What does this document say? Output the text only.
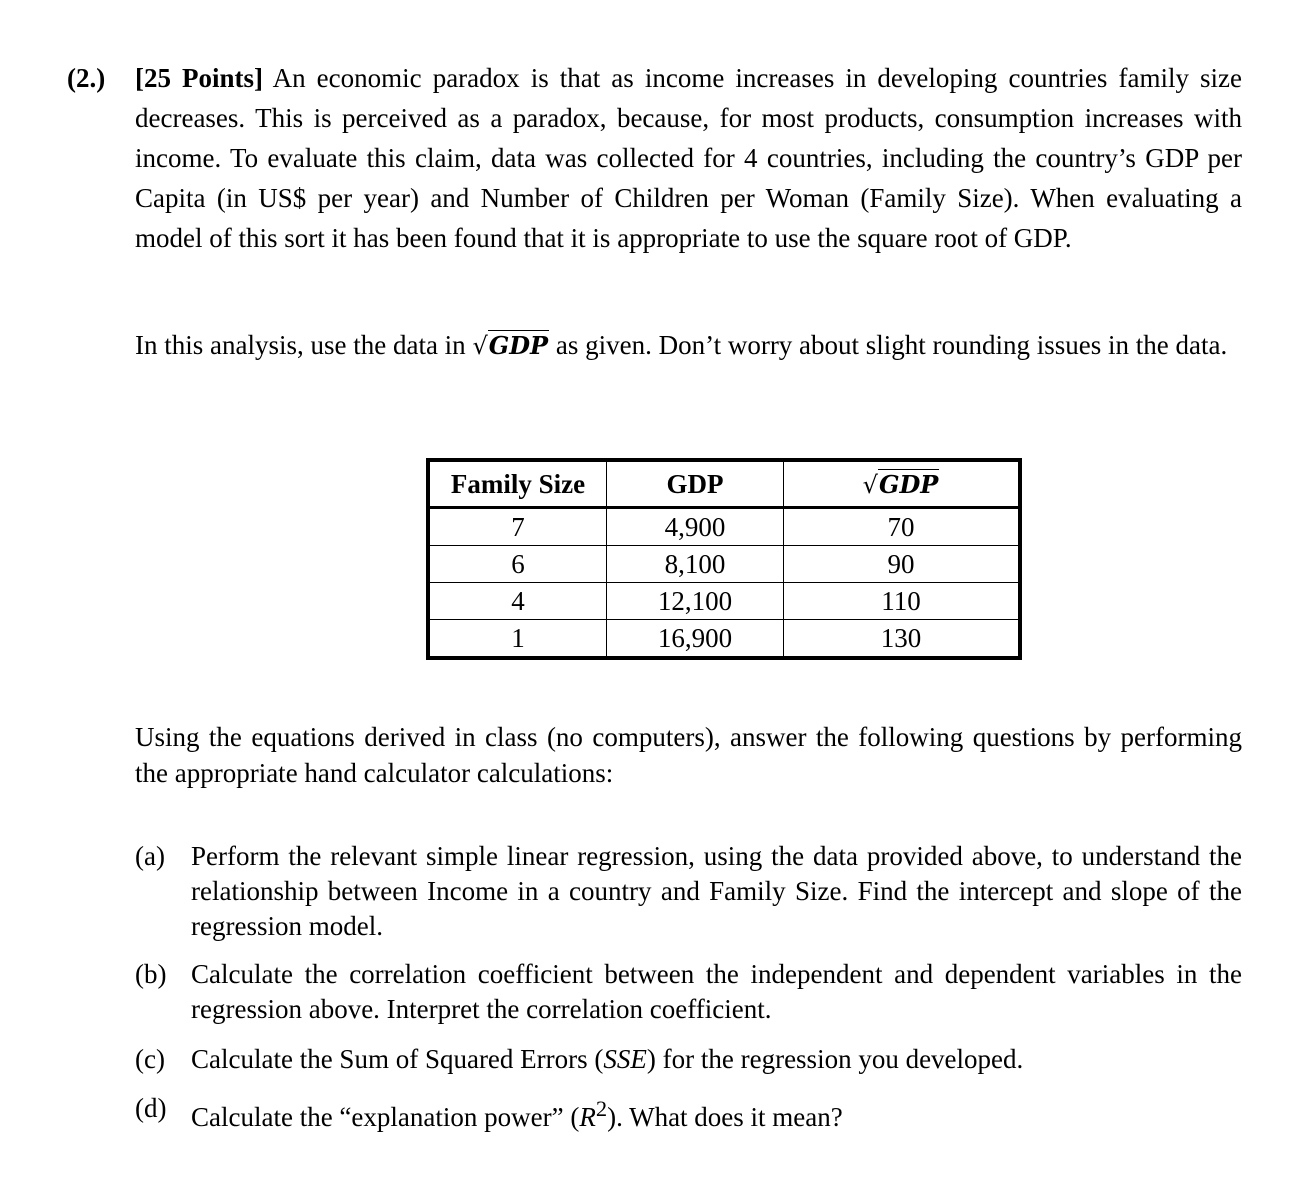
(2.) [25 Points] An economic paradox is that as income increases in developing countries family size decreases. This is perceived as a paradox, because, for most products, consumption increases with income. To evaluate this claim, data was collected for 4 countries, including the country’s GDP per Capita (in US$ per year) and Number of Children per Woman (Family Size). When evaluating a model of this sort it has been found that it is appropriate to use the square root of GDP.
In this analysis, use the data in √GDP as given. Don’t worry about slight rounding issues in the data.
Family Size	GDP	√GDP
7	4,900	70
6	8,100	90
4	12,100	110
1	16,900	130
Using the equations derived in class (no computers), answer the following questions by performing the appropriate hand calculator calculations:
(a) Perform the relevant simple linear regression, using the data provided above, to understand the relationship between Income in a country and Family Size. Find the intercept and slope of the regression model.
(b) Calculate the correlation coefficient between the independent and dependent variables in the regression above. Interpret the correlation coefficient.
(c) Calculate the Sum of Squared Errors (SSE) for the regression you developed.
(d) Calculate the “explanation power” $(R^2)$. What does it mean?
